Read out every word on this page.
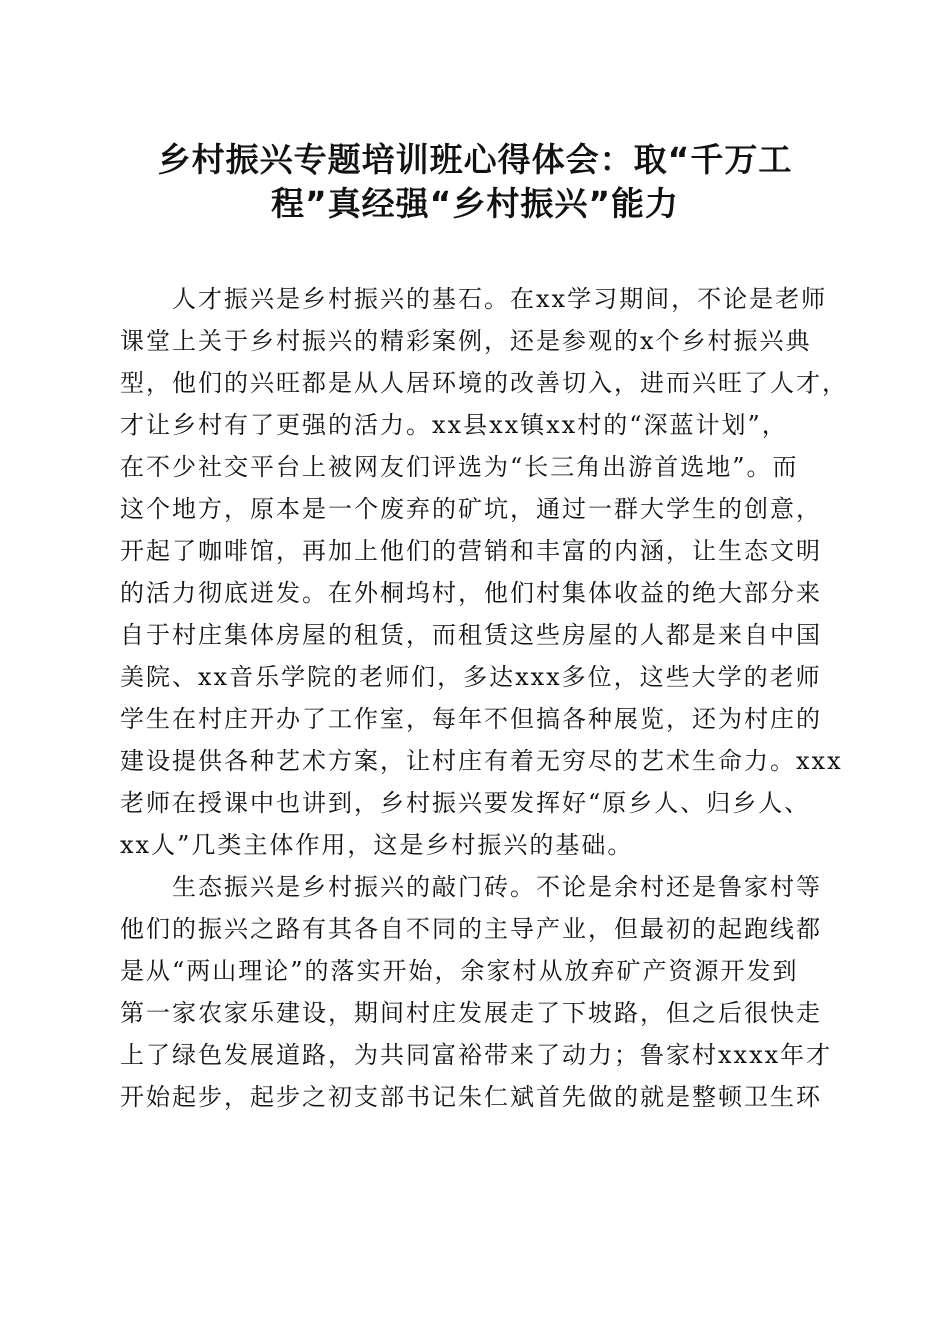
乡村振兴专题培训班心得体会：取“千万工
程”真经强“乡村振兴”能力

人才振兴是乡村振兴的基石。在xx学习期间，不论是老师
课堂上关于乡村振兴的精彩案例，还是参观的x个乡村振兴典
型，他们的兴旺都是从人居环境的改善切入，进而兴旺了人才，
才让乡村有了更强的活力。xx县xx镇xx村的“深蓝计划”，
在不少社交平台上被网友们评选为“长三角出游首选地”。而
这个地方，原本是一个废弃的矿坑，通过一群大学生的创意，
开起了咖啡馆，再加上他们的营销和丰富的内涵，让生态文明
的活力彻底迸发。在外桐坞村，他们村集体收益的绝大部分来
自于村庄集体房屋的租赁，而租赁这些房屋的人都是来自中国
美院、xx音乐学院的老师们，多达xxx多位，这些大学的老师
学生在村庄开办了工作室，每年不但搞各种展览，还为村庄的
建设提供各种艺术方案，让村庄有着无穷尽的艺术生命力。xxx
老师在授课中也讲到，乡村振兴要发挥好“原乡人、归乡人、
xx人”几类主体作用，这是乡村振兴的基础。

生态振兴是乡村振兴的敲门砖。不论是余村还是鲁家村等
他们的振兴之路有其各自不同的主导产业，但最初的起跑线都
是从“两山理论”的落实开始，余家村从放弃矿产资源开发到
第一家农家乐建设，期间村庄发展走了下坡路，但之后很快走
上了绿色发展道路，为共同富裕带来了动力；鲁家村xxxx年才
开始起步，起步之初支部书记朱仁斌首先做的就是整顿卫生环
